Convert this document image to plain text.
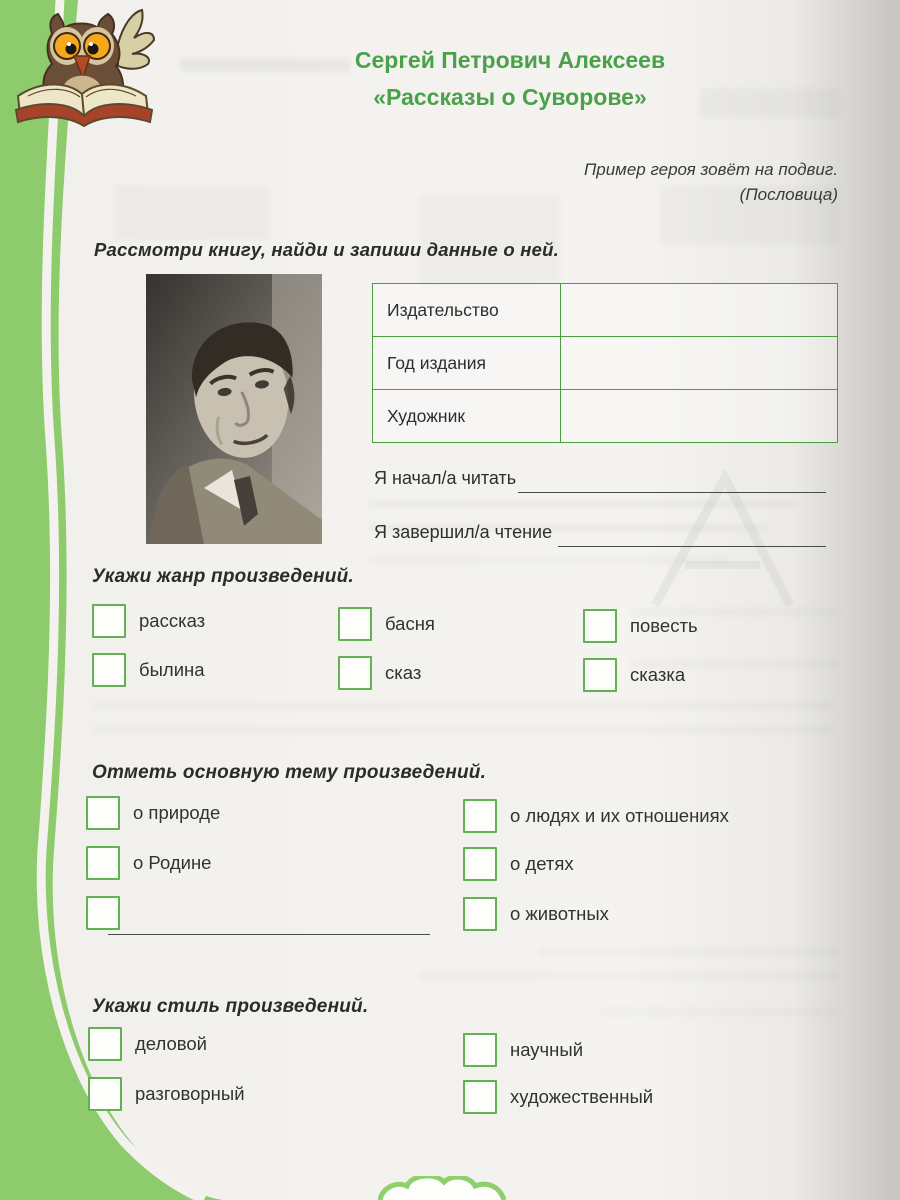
Сергей Петрович Алексеев
«Рассказы о Суворове»
Пример героя зовёт на подвиг.
(Пословица)
Рассмотри книгу, найди и запиши данные о ней.
Издательство	
Год издания	
Художник	
Я начал/а читать
Я завершил/а чтение
Укажи жанр произведений.
рассказ	басня	повесть
былина	сказ	сказка
Отметь основную тему произведений.
о природе
о Родине
о людях и их отношениях
о детях
о животных
Укажи стиль произведений.
деловой	научный
разговорный	художественный
